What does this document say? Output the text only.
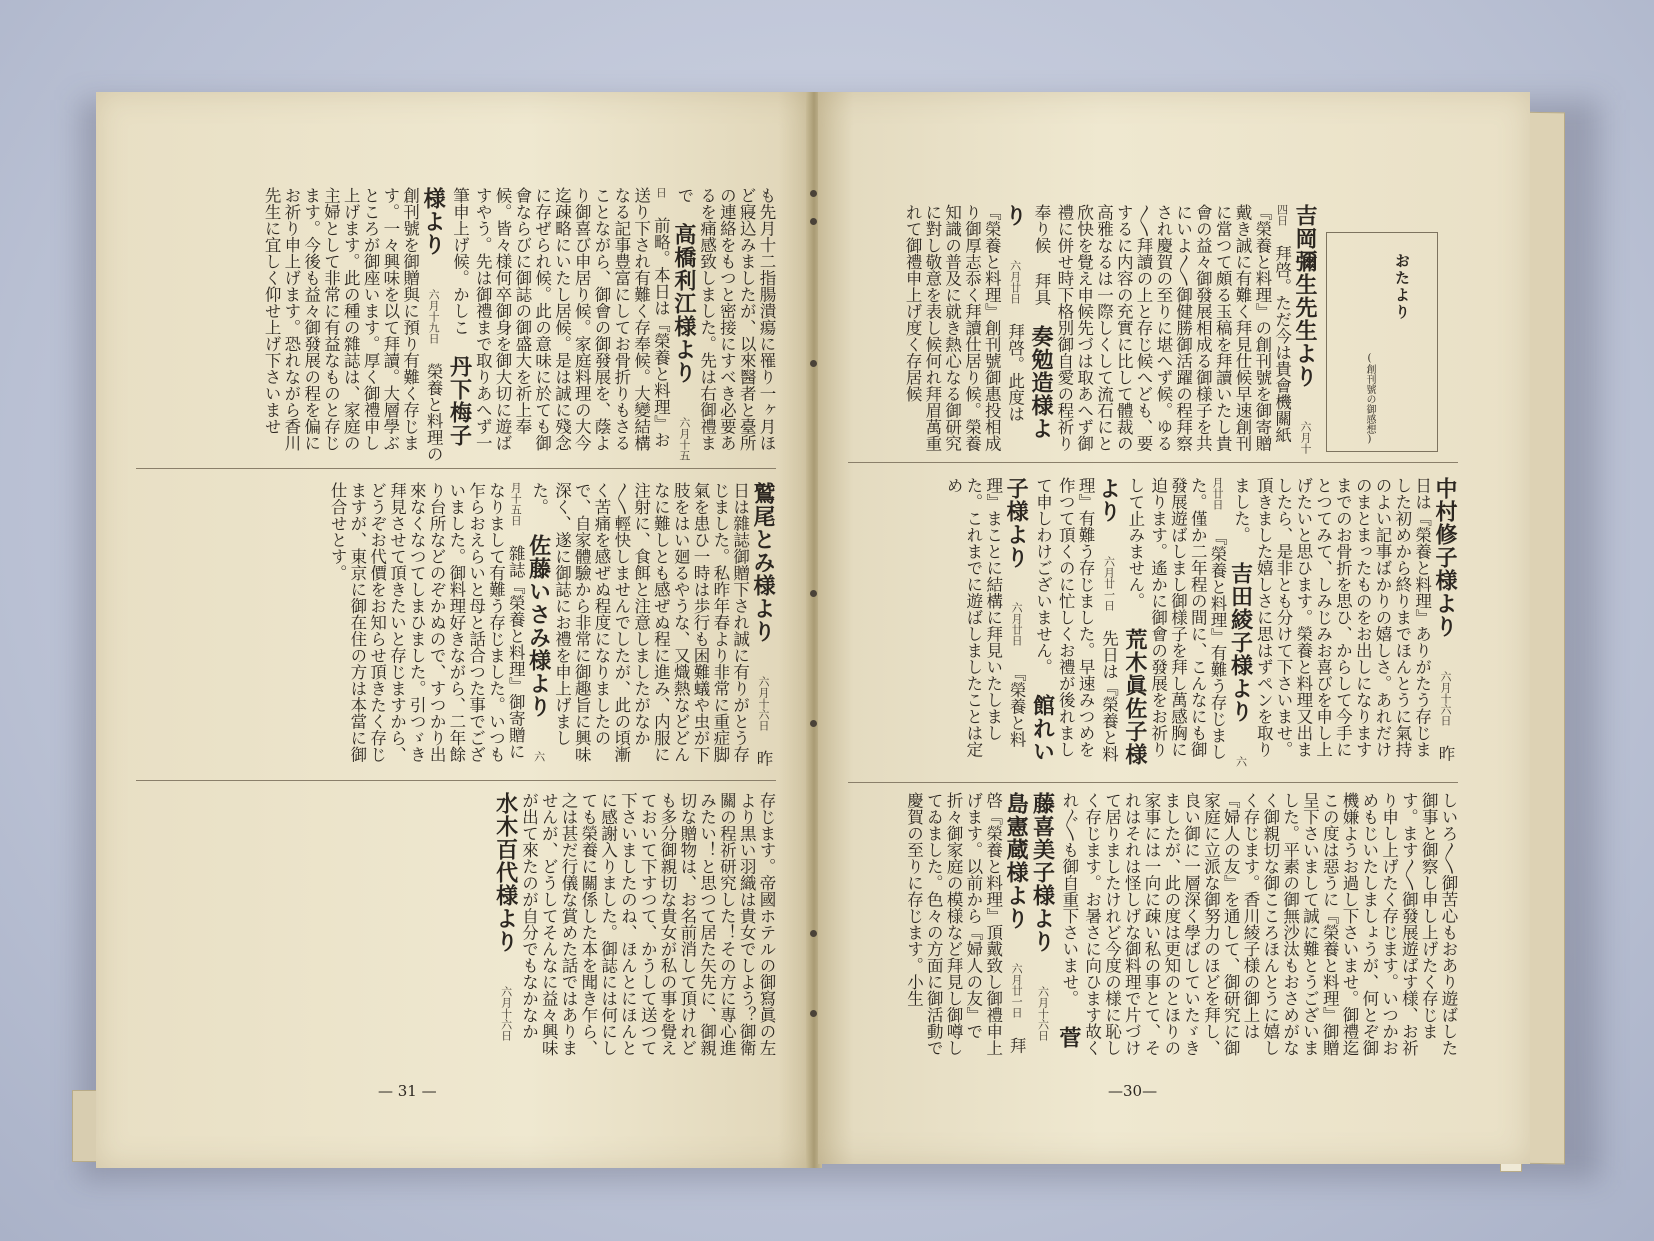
も先月十二指腸潰瘍に罹り一ヶ月ほど寢込みましたが、以來醫者と臺所の連絡をもつと密接にすべき必要あるを痛感致しました。先は右御禮まで 高橋利江様より 六月十五日 前略。本日は『榮養と料理』お送り下され有難く存奉候。大變結構なる記事豊富にしてお骨折りもさることながら、御會の御發展を、蔭より御喜び申居り候。家庭料理の大今迄疎略にいたし居候。是は誠に殘念に存ぜられ候。此の意味に於ても御會ならびに御誌の御盛大を祈上奉候。皆々様何卒御身を御大切に遊ばすやう。先は御禮まで取りあへず一筆申上げ候。かしこ 丹下梅子様より 六月十九日 榮養と料理の創刊號を御贈與に預り有難く存じます。一々興味を以て拜讀。大層學ぶところが御座います。厚く御禮申し上げます。此の種の雜誌は、家庭の主婦として非常に有益なものと存じます。今後も益々御發展の程を偏にお祈り申上げます。恐れながら香川先生に宜しく仰せ上げ下さいませ
鷲尾とみ様より 六月十六日 昨日は雜誌御贈下され誠に有りがとう存じました。私昨年春より非常に重症脚氣を患ひ一時は歩行も困難蟻や虫が下肢をはい廻るやうな、又熾熱などどんなに難しとも感ぜぬ程に進み、内服に注射に、食餌と注意しましたがなか〳〵輕快しませんでしたが、此の頃漸く苦痛を感ぜぬ程度になりましたので、自家體驗から非常に御趣旨に興味深く、遂に御誌にお禮を申上げました。 佐藤いさみ様より 六月十五日 雜誌『榮養と料理』御寄贈になりまして有難う存じました。いつも乍らおえらいと母と話合つた事でございました。御料理好きながら、二年餘り台所などのぞかぬので、すつかり出來なくなつてしまひました。引つゞき拜見させて頂きたいと存じますから、どうぞお代價をお知らせ頂きたく存じますが、東京に御在住の方は本當に御仕合せとす。
存じます。帝國ホテルの御寫眞の左より黒い羽織は貴女でしよう？御衛關の程祈研究した！その方に專心進みたい！と思つて居た矢先に、御親切な贈物は、お名前消して頂けれども多分御親切な貴女が私の事を覺えておいて下すつて、かうして送つて下さいましたのね、ほんとにほんとに感謝入りました。御誌には何にしても榮養に關係した本を聞き乍ら、之は甚だ行儀な賞めた話ではありませんが、どうしてそんなに益々興味が出て來たのが自分でもなかなか 水木百代様より 六月十六日
— 31 —
おたより
(創刊號の御感想)
吉岡彌生先生より 六月十四日 拜啓。ただ今は貴會機關紙『榮養と料理』の創刊號を御寄贈戴き誠に有難く拜見仕候早速創刊に當つて頗る玉稿を拜讀いたし貴會の益々御發展相成る御様子を共にいよ〳〵御健勝御活躍の程拜察され慶賀の至りに堪へず候。ゆる〳〵拜讀の上と存じ候へども、要するに内容の充實に比して體裁の高雅なるは一際しくして流石にと欣快を覺え申候先づは取あへず御禮に併せ時下格別御自愛の程祈り奉り候 拜具 奏勉造様より 六月廿日 拜啓。此度は『榮養と料理』創刊號御惠投相成り御厚志忝く拜讀仕居り候。榮養知識の普及に就き熱心なる御研究に對し敬意を表し候何れ拜眉萬重れて御禮申上げ度く存居候
中村修子様より 六月十六日 昨日は『榮養と料理』ありがたう存じました初めから終りまでほんとうに氣持のよい記事ばかりの嬉しさ。あれだけのまとまったものをお出しになりますまでのお骨折を思ひ、からして今手にとつてみて、しみじみお喜びを申し上げたいと思ひます。榮養と料理又出ましたら、是非とも分けて下さいませ。頂きました嬉しさに思はずペンを取りました。 吉田綾子様より 六月廿日 『榮養と料理』有難う存じました。僅か二年程の間に、こんなにも御發展遊ばしまし御様子を拜し萬感胸に迫ります。遙かに御會の發展をお祈りして止みません。 荒木眞佐子様より 六月廿一日 先日は『榮養と料理』有難う存じました。早速みつめを作つて頂くのに忙しくお禮が後れまして申しわけございません。 館れい子様より 六月廿日 『榮養と料理』まことに結構に拜見いたしました。これまでに遊ばしましたことは定め
しいろ〳〵御苦心もおあり遊ばした御事と御察し申し上げたく存じます。ます〳〵御發展遊ばす様、お祈り申し上げたく存じます。いつかおめもじいたしましょうが、何とぞ御機嫌ようお過し下さいませ。御禮迄 この度は惡うに『榮養と料理』御贈呈下さいまして誠に難とうございました。平素の御無沙汰もおさめがなく御親切な御こころほんとうに嬉しく存じます。香川綾子様の御上は『婦人の友』を通して、御研究に御家庭に立派な御努力のほどを拜し、良い御に一層深く學ばしていたゞきましたが、此の度は更知のとほりの家事には一向に疎い私の事とて、それはそれは怪しげな御料理で片づけて居りましたけれど今度の様に恥しく存じます。お暑さに向ひます故くれ〴〵も御自重下さいませ。 菅藤喜美子様より 六月十六日 島憲蔵様より 六月廿一日 拜啓『榮養と料理』頂戴致し御禮申上げます。以前から『婦人の友』で折々御家庭の模様など拜見し御噂してゐました。色々の方面に御活動で慶賀の至りに存じます。小生
—30—
